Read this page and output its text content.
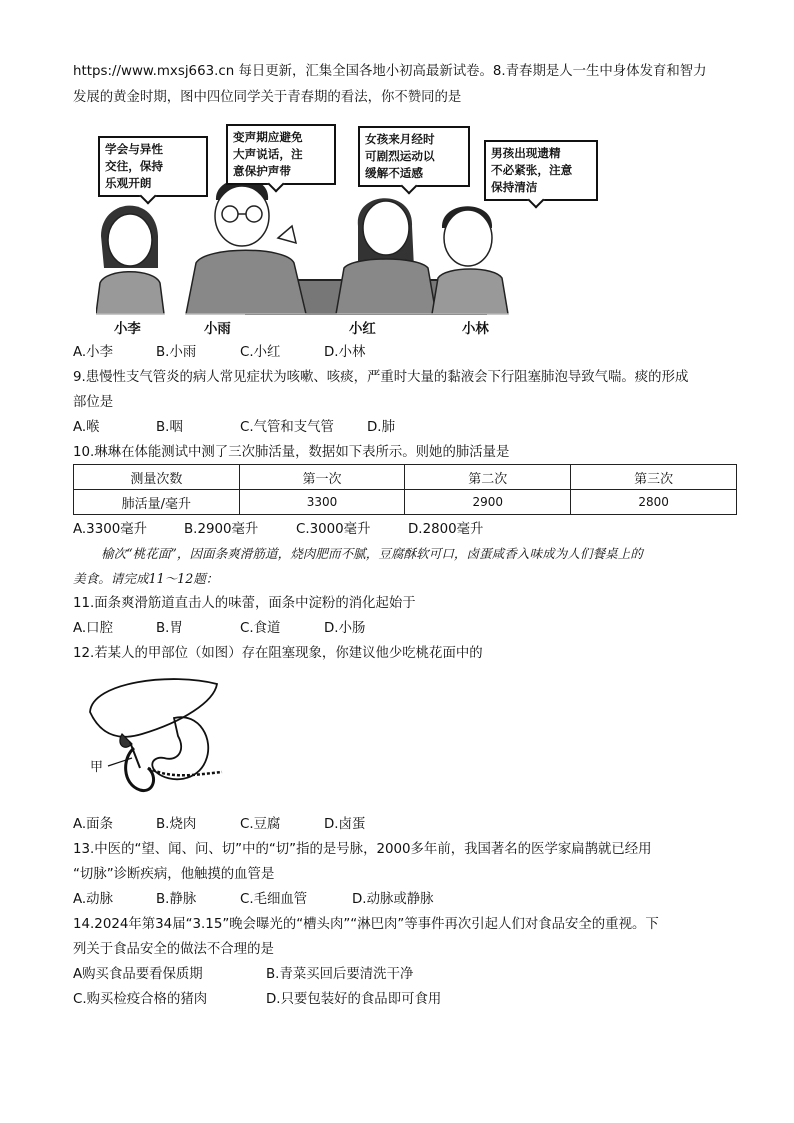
https://www.mxsj663.cn 每日更新，汇集全国各地小初高最新试卷。8.青春期是人一生中身体发育和智力
发展的黄金时期，图中四位同学关于青春期的看法，你不赞同的是
学会与异性
交往，保持
乐观开朗
变声期应避免
大声说话，注
意保护声带
女孩来月经时
可剧烈运动以
缓解不适感
男孩出现遗精
不必紧张，注意
保持清洁
小李	小雨	小红	小林
A.小李	B.小雨	C.小红	D.小林
9.患慢性支气管炎的病人常见症状为咳嗽、咳痰，严重时大量的黏液会下行阻塞肺泡导致气喘。痰的形成
部位是
A.喉	B.咽	C.气管和支气管 D.肺
10.琳琳在体能测试中测了三次肺活量，数据如下表所示。则她的肺活量是
测量次数	第一次	第二次	第三次
肺活量/毫升	3300	2900	2800
A.3300毫升	B.2900毫升	C.3000毫升	D.2800毫升
榆次“桃花面”，因面条爽滑筋道，烧肉肥而不腻，豆腐酥软可口，卤蛋咸香入味成为人们餐桌上的
美食。请完成11～12题：
11.面条爽滑筋道直击人的味蕾，面条中淀粉的消化起始于
A.口腔	B.胃	C.食道	D.小肠
12.若某人的甲部位（如图）存在阻塞现象，你建议他少吃桃花面中的
甲
A.面条	B.烧肉	C.豆腐	D.卤蛋
13.中医的“望、闻、问、切”中的“切”指的是号脉，2000多年前，我国著名的医学家扁鹊就已经用
“切脉”诊断疾病，他触摸的血管是
A.动脉	B.静脉	C.毛细血管	D.动脉或静脉
14.2024年第34届“3.15”晚会曝光的“槽头肉”“淋巴肉”等事件再次引起人们对食品安全的重视。下
列关于食品安全的做法不合理的是
A购买食品要看保质期	B.青菜买回后要清洗干净
C.购买检疫合格的猪肉	D.只要包装好的食品即可食用
